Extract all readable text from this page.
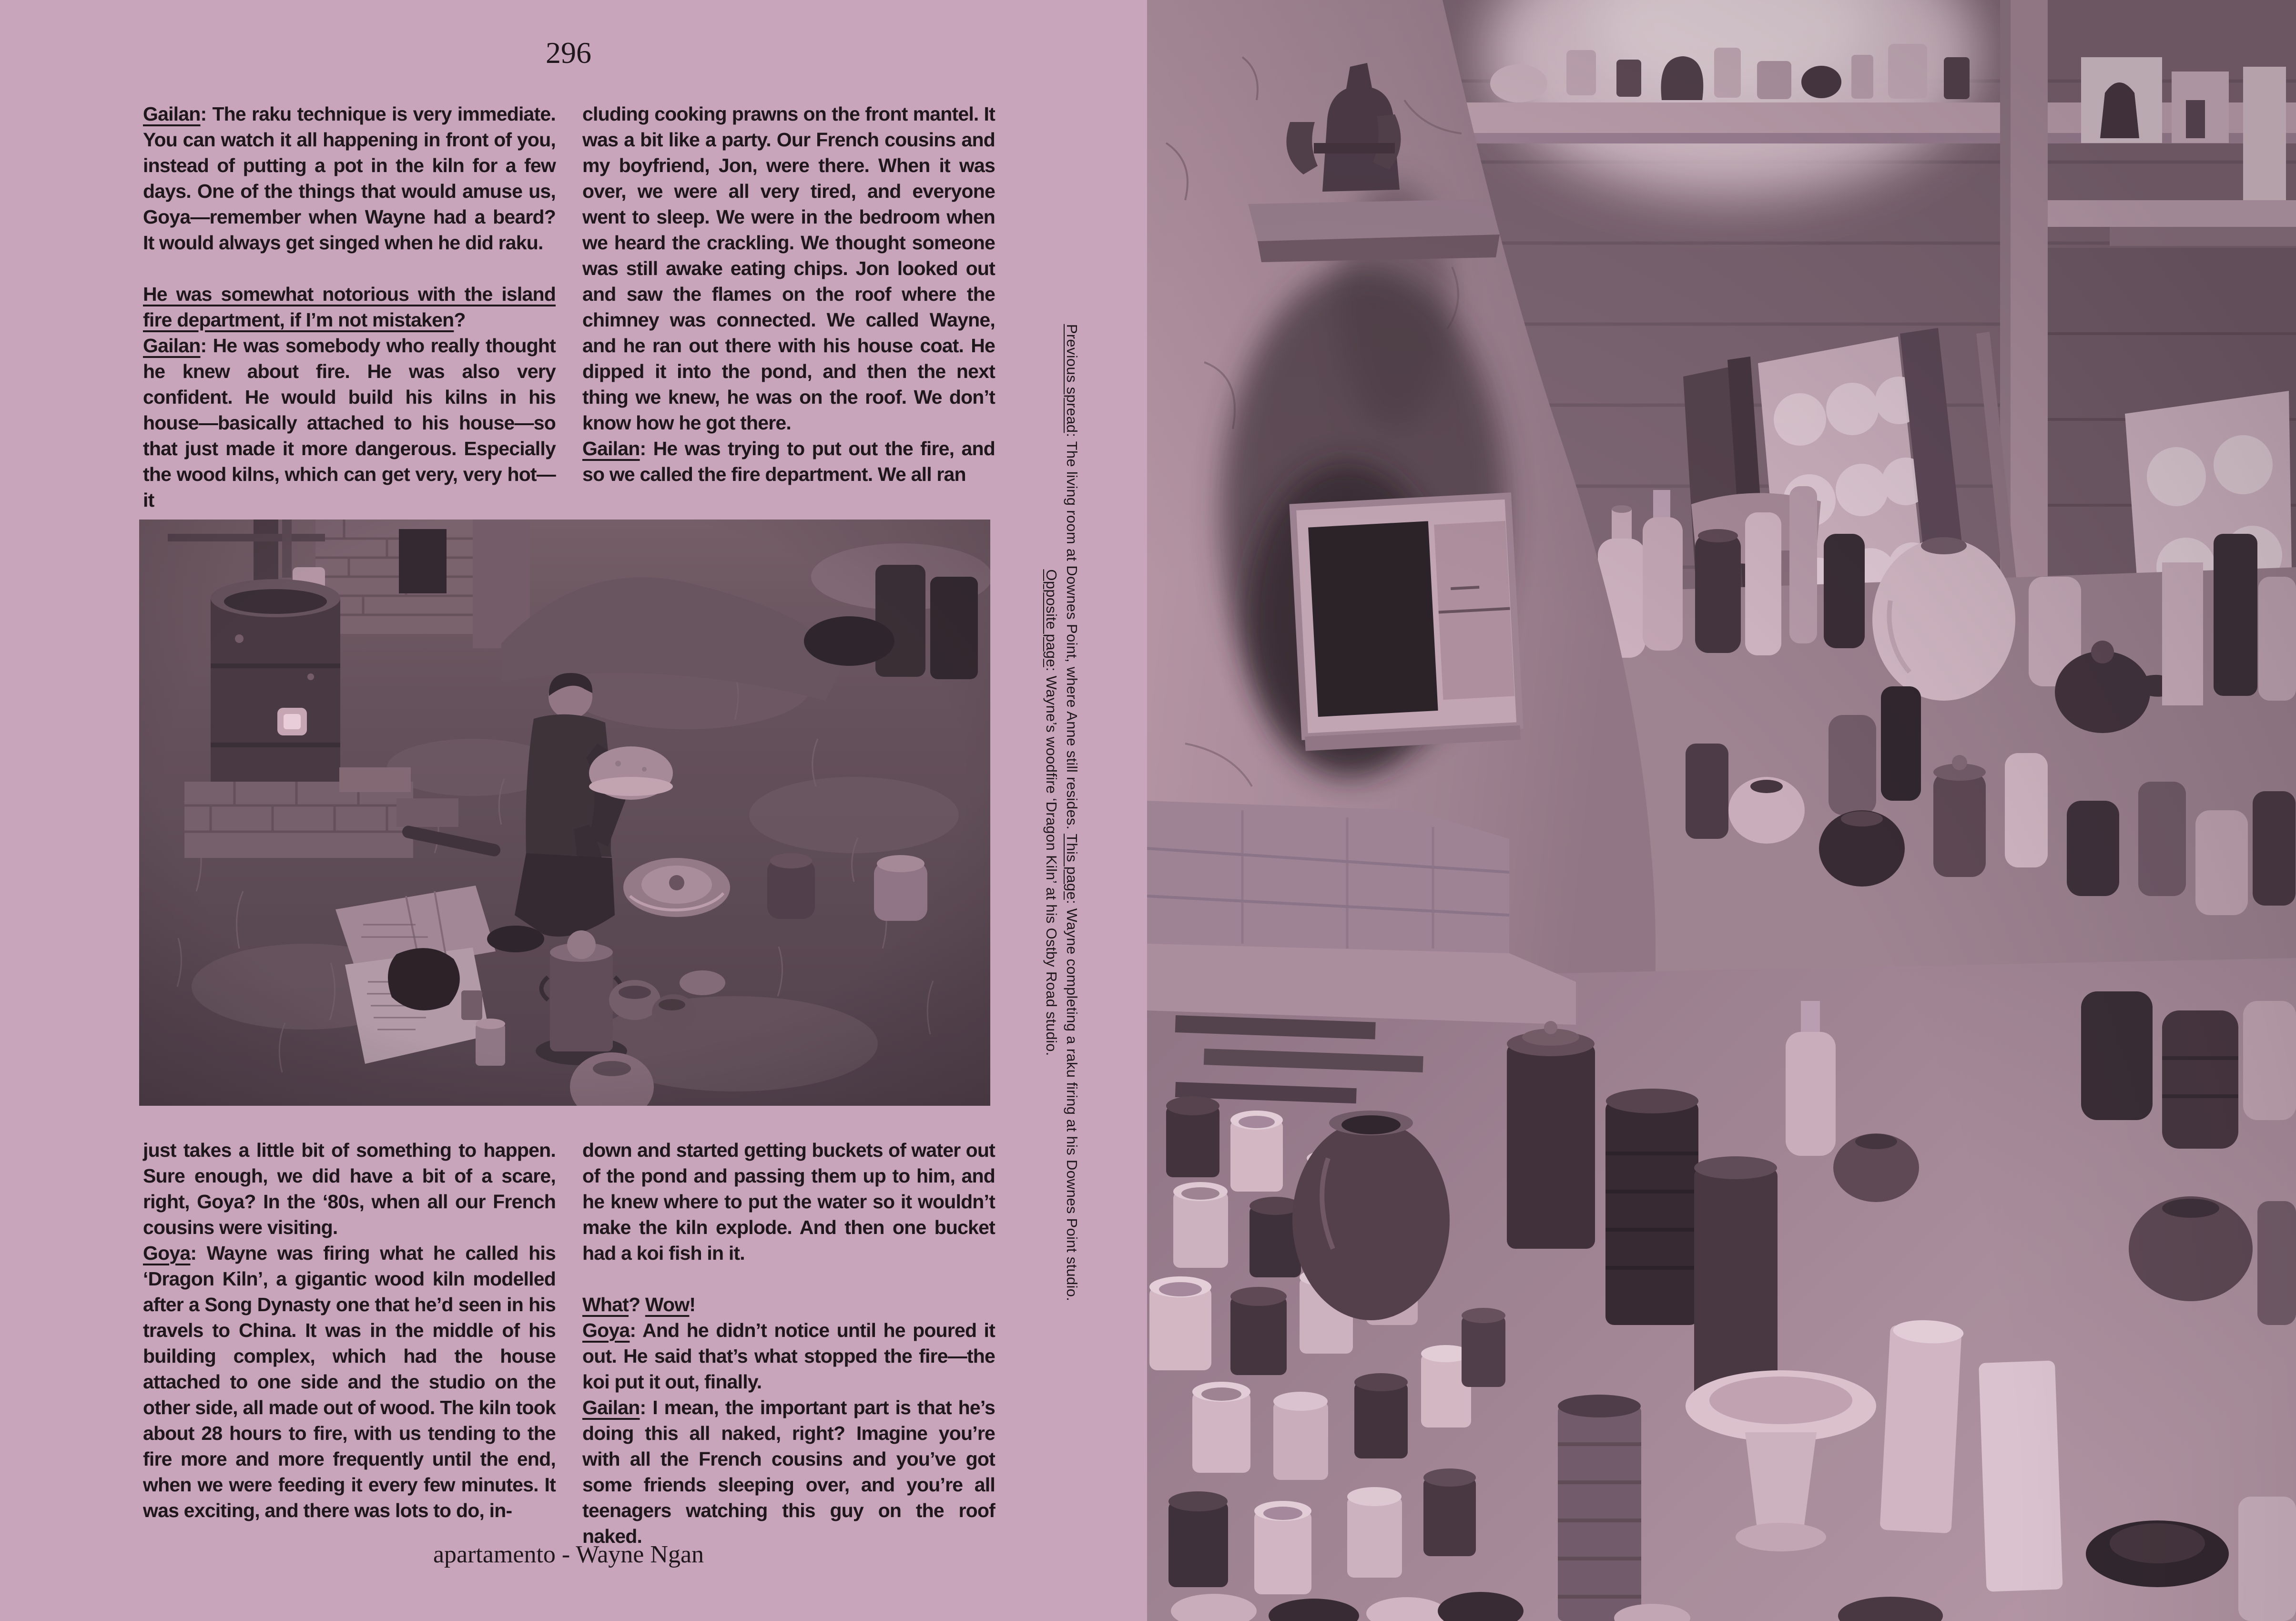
296

Gailan: The raku technique is very immediate. You can watch it all happening in front of you, instead of putting a pot in the kiln for a few days. One of the things that would amuse us, Goya—remember when Wayne had a beard? It would always get singed when he did raku.

He was somewhat notorious with the island fire department, if I’m not mistaken?

Gailan: He was somebody who really thought he knew about fire. He was also very confident. He would build his kilns in his house—basically attached to his house—so that just made it more dangerous. Especially the wood kilns, which can get very, very hot—it

cluding cooking prawns on the front mantel. It was a bit like a party. Our French cousins and my boyfriend, Jon, were there. When it was over, we were all very tired, and everyone went to sleep. We were in the bedroom when we heard the crackling. We thought someone was still awake eating chips. Jon looked out and saw the flames on the roof where the chimney was connected. We called Wayne, and he ran out there with his house coat. He dipped it into the pond, and then the next thing we knew, he was on the roof. We don’t know how he got there.

Gailan: He was trying to put out the fire, and so we called the fire department. We all ran

just takes a little bit of something to happen. Sure enough, we did have a bit of a scare, right, Goya? In the ‘80s, when all our French cousins were visiting.

Goya: Wayne was firing what he called his ‘Dragon Kiln’, a gigantic wood kiln modelled after a Song Dynasty one that he’d seen in his travels to China. It was in the middle of his building complex, which had the house attached to one side and the studio on the other side, all made out of wood. The kiln took about 28 hours to fire, with us tending to the fire more and more frequently until the end, when we were feeding it every few minutes. It was exciting, and there was lots to do, in-

down and started getting buckets of water out of the pond and passing them up to him, and he knew where to put the water so it wouldn’t make the kiln explode. And then one bucket had a koi fish in it.

What? Wow!

Goya: And he didn’t notice until he poured it out. He said that’s what stopped the fire—the koi put it out, finally.

Gailan: I mean, the important part is that he’s doing this all naked, right? Imagine you’re with all the French cousins and you’ve got some friends sleeping over, and you’re all teenagers watching this guy on the roof naked.

apartamento - Wayne Ngan
Previous spread: The living room at Downes Point, where Anne still resides. This page: Wayne completing a raku firing at his Downes Point studio.
Opposite page: Wayne’s woodfire ‘Dragon Kiln’ at his Ostby Road studio.
